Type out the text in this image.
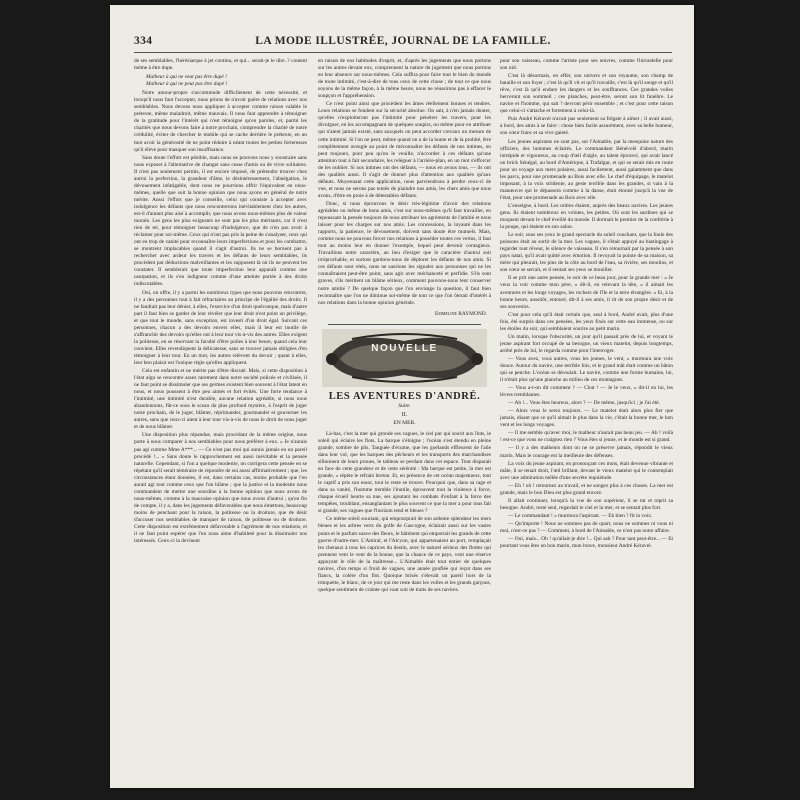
334	LA MODE ILLUSTRÉE, JOURNAL DE LA FAMILLE.

de ses semblables, l'hérésiarque à jet continu, et qui... serait-je le dire..? content même à être dupe.

Malheur à qui ne veut pas être dupé !
Malheur à qui ne peut pas être dupé !

Notre amour-propre s'accommode difficilement de cette nécessité, et lorsqu'il nous faut l'accepter, nous prions de n'avoir guère de relations avec nos semblables. Nous devons nous appliquer à accepter comme raison valable le prétexte, même maladroit, même mauvais. Il nous faut apprendre à témoigner de la gratitude pour l'intérêt qui n'est témoigné qu'en paroles, et, parmi les charités que nous devons faire à notre prochain, comprendre la charité de notre crédulité, éviter de chercher le mobile qui se cache derrière le prétexte, en un mot avoir la générosité de ne point réduire à néant toutes les petites forteresses qu'il élève pour masquer son insuffisance.

Sans doute l'effort est pénible, mais nous ne pouvons nous y soustraire sans nous exposer à l'alternative de changer sans cesse d'amis ou de vivre solitaires. Il n'est pas seulement permis, il est encore imposé, de prétendre trouver chez autrui la perfection, la grandeur d'âme, le désintéressement, l'abnégation, le dévouement infatigable, dont nous ne pourrions offrir l'équivalent en nous-mêmes, quelle que soit la bonne opinion que nous ayons en général de notre mérite. Aussi l'effort que je conseille, celui qui consiste à accepter avec indulgence les défauts que nous rencontrerons inévitablement chez les autres, est-il d'autant plus aisé à accomplir, que nous avons nous-mêmes plus de valeur morale. Les gens les plus exigeants ne sont pas les plus méritants, car il n'est rien de tel, pour témoigner beaucoup d'indulgence, que de n'en pas avoir à réclamer pour soi-même. Ceux qui n'ont pas pris la peine de s'analyser, ceux qui ont eu trop de vanité pour reconnaître leurs imperfections et pour les combattre, se montrent implacables quand il s'agit d'autrui. Ils ne se bornent pas à rechercher avec ardeur les travers et les défauts de leurs semblables, ils procèdent par déductions malveillantes et les supposent là où ils ne peuvent les constater. Il semblerait que toute imperfection leur apparaît comme une usurpation, et ils s'en indignent comme d'une atteinte portée à des droits indiscutables.

Oui, on offre, il y a parmi les nombreux types que nous pouvons rencontrer, il y a des personnes tout à fait réfractaires au principe de l'égalité des droits. Il ne faudrait pas leur dénier, à elles, l'exercice d'un droit quelconque, mais d'autre part il faut bien se garder de leur révéler que leur droit n'est point un privilège, et que tout le monde, sans exception, est investi d'un droit égal. Suivant ces personnes, chacun a des devoirs envers elles, mais il leur est inutile de s'affranchir des devoirs qu'elles ont à leur tour vis-à-vis des autres. Elles exigent la politesse, en se réservant la faculté d'être polies à leur heure, quand cela leur convient. Elles revendiquent la délicatesse, sans se trouver jamais obligées d'en témoigner à leur tour. En un mot, les autres relèvent du devoir ; quant à elles, leur bon plaisir est l'unique règle qu'elles appliquent.

Cela est enfantin et ne mérite pas d'être discuté. Mais, si cette disposition à l'état aigu se rencontre assez rarement dans notre société policée et civilisée, il ne faut point se dissimuler que ses germes existent bien souvent à l'état latent en nous, et nous poussent à être peu aimés et fort évités. Une forte tendance à l'intimité, une intimité n'est durable, aucune relation agréable, si nous nous abandonnons, fût-ce sous le sceau du plus profond mystère, à l'esprit de juger notre prochain, de le juger, blâmer, réprimander, gourmander et gouverner les autres, sans que ceux-ci aient à leur tour vis-à-vis de nous le droit de nous juger et de nous blâmer.

Une disposition plus répandue, mais procédant de la même origine, nous porte à nous comparer à nos semblables pour nous préférer à eux. « Je n'aurais pas agi comme Mme A***... — Ce n'est pas moi qui aurais jamais eu un pareil procédé !... » Sans doute le rapprochement est aussi inévitable et la pensée naturelle. Cependant, si l'on a quelque modestie, on corrigera cette pensée en se répétant qu'il serait téméraire de répondre de soi aussi affirmativement ; que, les circonstances étant données, il est, dans certains cas, moins probable que l'on aurait agi tout comme ceux que l'on blâme ; que la justice et la modestie nous commandent de mettre une sourdine à la bonne opinion que nous avons de nous-mêmes, comme à la mauvaise opinion que nous avons d'autrui ; qu'en fin de compte, il y a, dans les jugements défavorables que nous émettons, beaucoup moins de penchant pour la raison, la politesse ou la droiture, que de désir d'accuser nos semblables de manquer de raison, de politesse ou de droiture. Cette disposition est extrêmement défavorable à l'agrément de nos relations, et il ne faut point espérer que l'on nous aime d'habileté pour la dissimuler nos intéressés. Ceux-ci la devinent

en raison de nos habitudes d'esprit, et, d'après les jugements que nous portons sur les autres devant eux, comprennent la nature du jugement que nous portons en leur absence sur nous-mêmes. Cela suffira pour faire tout le bien du monde de toute intimité, c'est-à-dire de tous ceux de cette chose ; de tout ce que nous soyons de la même façon, à la même heure, nous ne réussirons pas à effacer le soupçon et l'appréhension.

Ce n'est point ainsi que procèdent les âmes réellement bonnes et tendres. Leurs relations se fondent sur la sécurité absolue. On sait, à n'en jamais douter, qu'elles n'exploiteront pas l'intimité pour pénétrer les travers, pour les divulguer, en les accompagnant de quelques soupirs, ou même pour en attribuer qui n'aient jamais existé, sans auxquels on peut accorder crevaux un mesure de cette intimité. Si l'on ne peut, même quand on a de la honte et de la probité, être complètement aveugle au point de méconnaître les défauts de nos intimes, on peut toujours, pour peu qu'on le veuille, n'accorder à ces défauts qu'une attention tout à fait secondaire, les reléguer à l'arrière-plan, en un mot s'efforcer de les oublier. Si nos intimes ont des défauts, — nous en avons tous, — ils ont des qualités aussi. Il s'agit de donner plus d'attention aux qualités qu'aux défauts. Moyennant cette application, nous parviendrons à perdre ceux-ci de vue, et nous ne serons pas tentés de plaindre nos amis, les chers amis que nous avons, d'être en proie à de détestables défauts.

Donc, si nous éprouvons le désir très-légitime d'avoir des relations agréables ou même de bons amis, c'est sur nous-mêmes qu'il faut travailler, en repoussant la pensée toujours de nous attribuer les agréments de l'amitié et nous laisser pour les charges sur nos amis. Les concessions, la loyauté dans les rapports, la patience, le dévouement, doivent sans doute être mutuels. Mais, comme nous ne pouvons forcer nos relations à posséder toutes ces vertus, il faut tout au moins leur en donner l'exemple, lequel peut devenir contagieux. Travaillons notre caractère, au lieu d'exiger que le caractère d'autrui soit irréprochable, et surtout gardons-nous de déplorer les défauts de nos amis. Si ces défauts sont réels, nous ne saurions les signaler aux personnes qui ne les connaîtraient peut-être point, sans agir avec méchanceté et perfidie. S'ils sont graves, s'ils méritent un blâme sérieux, comment pouvons-nous leur conserver notre amitié ? De quelque façon que l'on envisage la question, il faut bien reconnaître que l'on ne diminue soi-même de tout ce que l'on ôterait d'intérêt à nos relations dans la bonne opinion générale.

Emmeline RAYMOND.
NOUVELLE
LES AVENTURES D'ANDRÉ.
Suite.
II.
EN MER.

Là-bas, c'est la mer qui gronde ses vagues, le ciel pur qui sourit aux îlots, le soleil qui éclaire les flots. La barque s'éloigne ; l'océan s'est étendu en pleine grande, sombre de plis. Tanguée d'écume, que les goélands effleurent de l'aile dans leur vol, que les barques des pêcheurs et les transports des marchandises sillonnent de leurs proues, le tableau se perdant dans cet espace. Tout disparait en face de cette grandeur et de cette sérénité : Ma barque est petite, la mer est grande, « répète le refrain breton. Et, en présence de cet océan majestueux, tout le captif a pris son essor, tout le reste se trouve. Pourquoi que, dans sa rage et dans sa vanité, l'homme tremble l'inutile, éprouvent tout la violence à force, chaque écueil heurte sa nue, ses ajoutant les combats d'enfant à la force des tempêtes, troublant, ensanglantant le plus souvent ce que la mer a pour tous fait si grande, ses vagues que l'horizon tend et bleues ?

Ce même soleil souriant, qui empourprait de son ardente splendeur les mers bleues et les arbres verts du golfe de Gascogne, éclairait aussi sur les vastes ponts et le parfum suave des fleurs, le bâtiment qui emportait les grands de cette guerre d'outre-mer. L'Amiral, et l'Alcyon, qui appartenaient au port, remplaçait les chenaux à tous les caprices du destin, avec le naturel sérieux des flottes qui prennent vent le vent de la bonne, que la chance de ce pays, vent une réserve appuyant le rôle de la maîtresse... L'Aimable était tout entier de quelques navires, d'un temps si froid de vagues, une année gonflée qui reçut dans ses flancs, la colère d'un flot. Quoique brisés s'élevait un pareil hors de la trinquette, le blanc, de ce jour qui me reste dans les voiles et les grands garçons, quelque sentiment de crainte qui vaut soit de traits de ses navires.

pour son vaisseau, comme l'artiste pour ses œuvres, comme l'hirondelle pour son nid.

C'est là désormais, en effet, son univers et son royaume, son champ de bataille et son foyer ; c'est là qu'il vit et qu'il travaille, c'est là qu'il songe et qu'il rêve, c'est là qu'il endure les dangers et les souffrances. Ces grandes voiles berceront son sommeil ; ces planches, peut-être, seront son lit funèbre. Le navire et l'homme, qui sait ? devront périr ensemble ; et c'est pour cette raison que celui-ci s'attache et fortement à celui-là.

Puis André Kéravel n'avait pas seulement sa frégate à aimer ; il avait aussi, à bord, des amis à se faire : chose bien facile assurément, avec sa belle humeur, son cœur franc et sa vive gaieté.

Les jeunes aspirants ne sont pas, sur l'Aimable, par la mesquine nature des officiers, des hommes éclairés. Le commandant Bénévolé d'abord, marin intrépide et vigoureux, au coup d'œil d'aigle, au talent éprouvé, qui avait lancé un brick Sénégal, au bord d'Amérique, à Trafalgar, et qui se serait mis en route pour un voyage aux mers polaires, aussi facilement, aussi galamment que dans les parcs, pour une promenade au Bois avec elle. Le chef d'équipage, le matelot imposant, à la voix stridente, au geste terrible dans les grandes, si vain à la manœuvre qui le dépassera comme à la danse, était étonné jusqu'à la vue de l'état, pour une promenade au Bois avec elle.

L'enseigne, à bord. Les ordres étaient, auprès des beaux navires. Les jeunes gens. Ils étaient nombreux en volutes, les petites. Où sont les sardines qui se moquent devant le chef éveillé du monde. Il dormait le premier de la confrérie à la poupe, qui étaient en son salon.

Le soir, sous ses yeux le grand spectacle du soleil couchant, que la foule des poissons était au sortir de la mer. Les vagues, il s'était appuyé au bastingage à regarder tout rêveur, le silence de vaisseau. Il s'en retournait par la pensée à son pays natal, qu'il avait quitté avec émotion. Il revoyait la pointe de sa maison, sa mère qui pleurait, les pins de la côte au bord de l'eau, sa rivière, ses moulins, et son cœur se serrait, et il sentait ses yeux se mouiller.

Il se prit une autre pensée, le soir de ce beau jour, pour la grande mer : « Je veux la voir comme mon père, » dit-il, en relevant la tête, « il aimait les aventures et les longs voyages, les rochers de l'île et la terre étrangère. » Et, à la bonne heure, aussitôt, entouré, dit-il à ses amis, il rit de son propre désir et de ses souvenirs.

C'est pour cela qu'il était certain que, seul à bord, André avait, plus d'une fois, été surpris dans ces pensées, les yeux fixés sur cette eau immense, ou sur les étoiles du soir, qui semblaient sourire au petit marin.

Un matin, lorsque l'obscurité, un jour qu'il passait près de lui, et voyant le jeune aspirant fort occupé de sa besogne, un vieux matelot, depuis longtemps, arrêté près de lui, le regarda comme pour l'interroger.

— Vous avez, vous autres, vous les jeunes, le vent, » murmura une voix douce. Autour du navire, une terrible fois, et le grand mât était comme un bâton qui se penche. L'océan se déroulait. Le navire, comme une forme humaine, lui, il n'était plus qu'une planche au milieu de ces montagnes.

— Vous a-t-on dit comment ? — Chut ! — Je le veux, » dit-il en lui, les lèvres tremblantes.

— Ah !... Vous êtes heureux, alors ? — De même, jusqu'ici ; je l'ai été.

— Alors vous le serez toujours. — Le matelot était alors plus fier que jamais, disant que ce qu'il aimait le plus dans la vie, c'était la bonne mer, le bon vent et les longs voyages.

— Il me semble qu'avec moi, le malheur n'aurait pas beau jeu. — Ah ! voilà ! est-ce que vous ne craignez rien ? Vous êtes si jeune, et le monde est si grand.

— Il y a des malheurs dont on ne se préserve jamais, répondit le vieux marin. Mais le courage est la meilleure des défenses.

La voix du jeune aspirant, en prononçant ces mots, était devenue vibrante et mâle, il se tenait droit, l'œil brillant, devant le vieux matelot qui le contemplait avec une admiration mêlée d'une secrète inquiétude.

— Eh ! oh ! retournez au travail, et ne songez plus à ces choses. La mer est grande, mais le bon Dieu est plus grand encore.

Il allait continuer, lorsqu'à la vue de son supérieur, il se tut et reprit sa besogne. André, resté seul, regardait le ciel et la mer, et se sentait plus fort.

— Le commandant ! » murmura l'aspirant. — Eh bien ? fit la voix.

— Qu'importe ! Nous ne sommes pas de quart, nous ne sommes ni vous ni moi, n'est-ce pas ? — Comment, à bord de l'Aimable, ce n'est pas notre affaire.

— Oui, mais... Oh ! qu'allait-je dire !... Qui sait ? Pour tant peut-être... — Et pourtant vous êtes un bon marin, mon brave, monsieur André Kéravel.
